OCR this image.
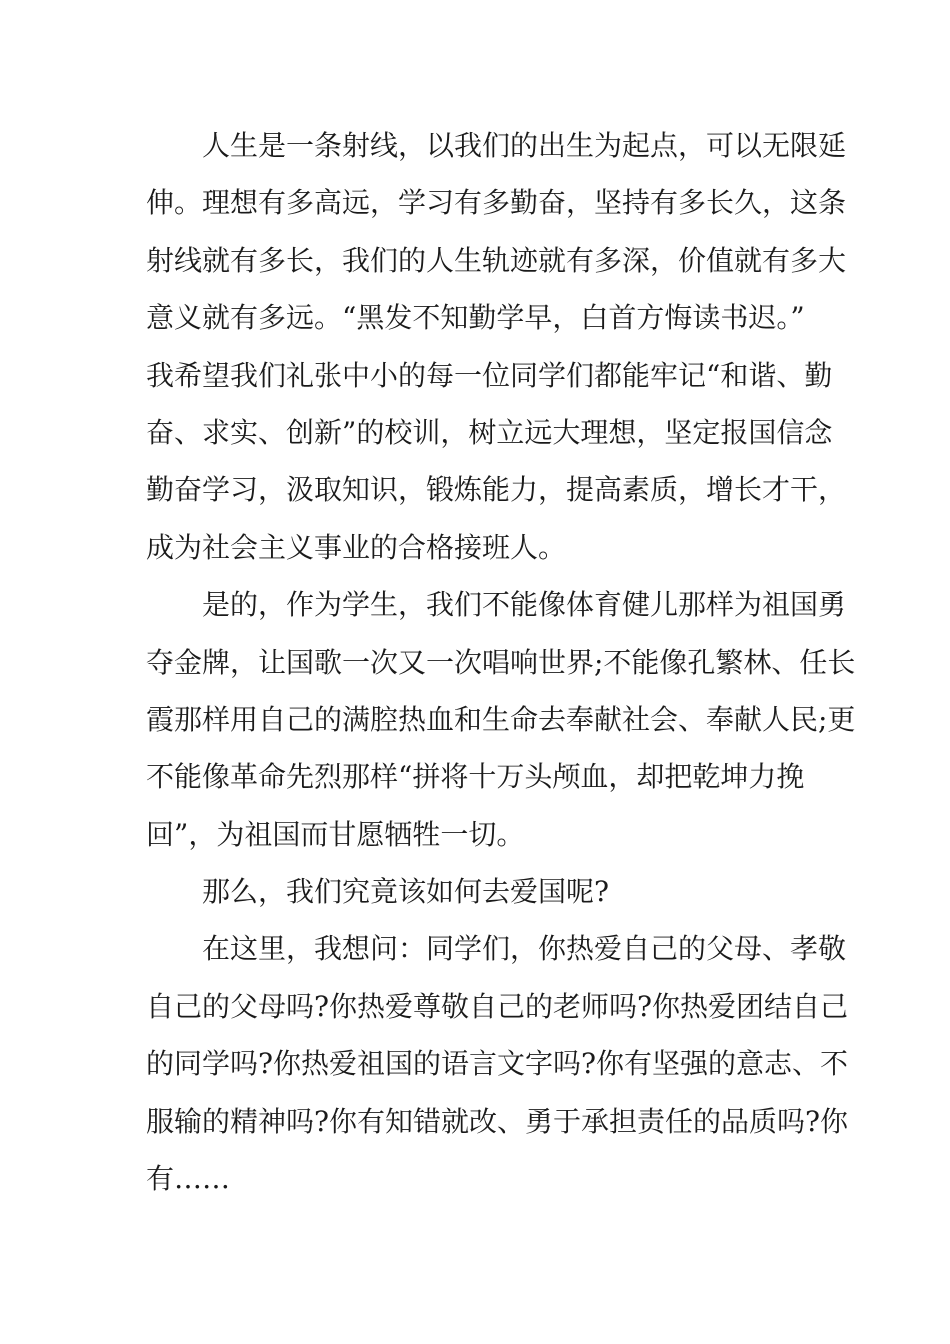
人生是一条射线，以我们的出生为起点，可以无限延
伸。理想有多高远，学习有多勤奋，坚持有多长久，这条
射线就有多长，我们的人生轨迹就有多深，价值就有多大
意义就有多远。“黑发不知勤学早，白首方悔读书迟。”
我希望我们礼张中小的每一位同学们都能牢记“和谐、勤
奋、求实、创新”的校训，树立远大理想，坚定报国信念
勤奋学习，汲取知识，锻炼能力，提高素质，增长才干，
成为社会主义事业的合格接班人。
是的，作为学生，我们不能像体育健儿那样为祖国勇
夺金牌，让国歌一次又一次唱响世界;不能像孔繁林、任长
霞那样用自己的满腔热血和生命去奉献社会、奉献人民;更
不能像革命先烈那样“拼将十万头颅血，却把乾坤力挽
回”，为祖国而甘愿牺牲一切。
那么，我们究竟该如何去爱国呢?
在这里，我想问：同学们，你热爱自己的父母、孝敬
自己的父母吗?你热爱尊敬自己的老师吗?你热爱团结自己
的同学吗?你热爱祖国的语言文字吗?你有坚强的意志、不
服输的精神吗?你有知错就改、勇于承担责任的品质吗?你
有……
